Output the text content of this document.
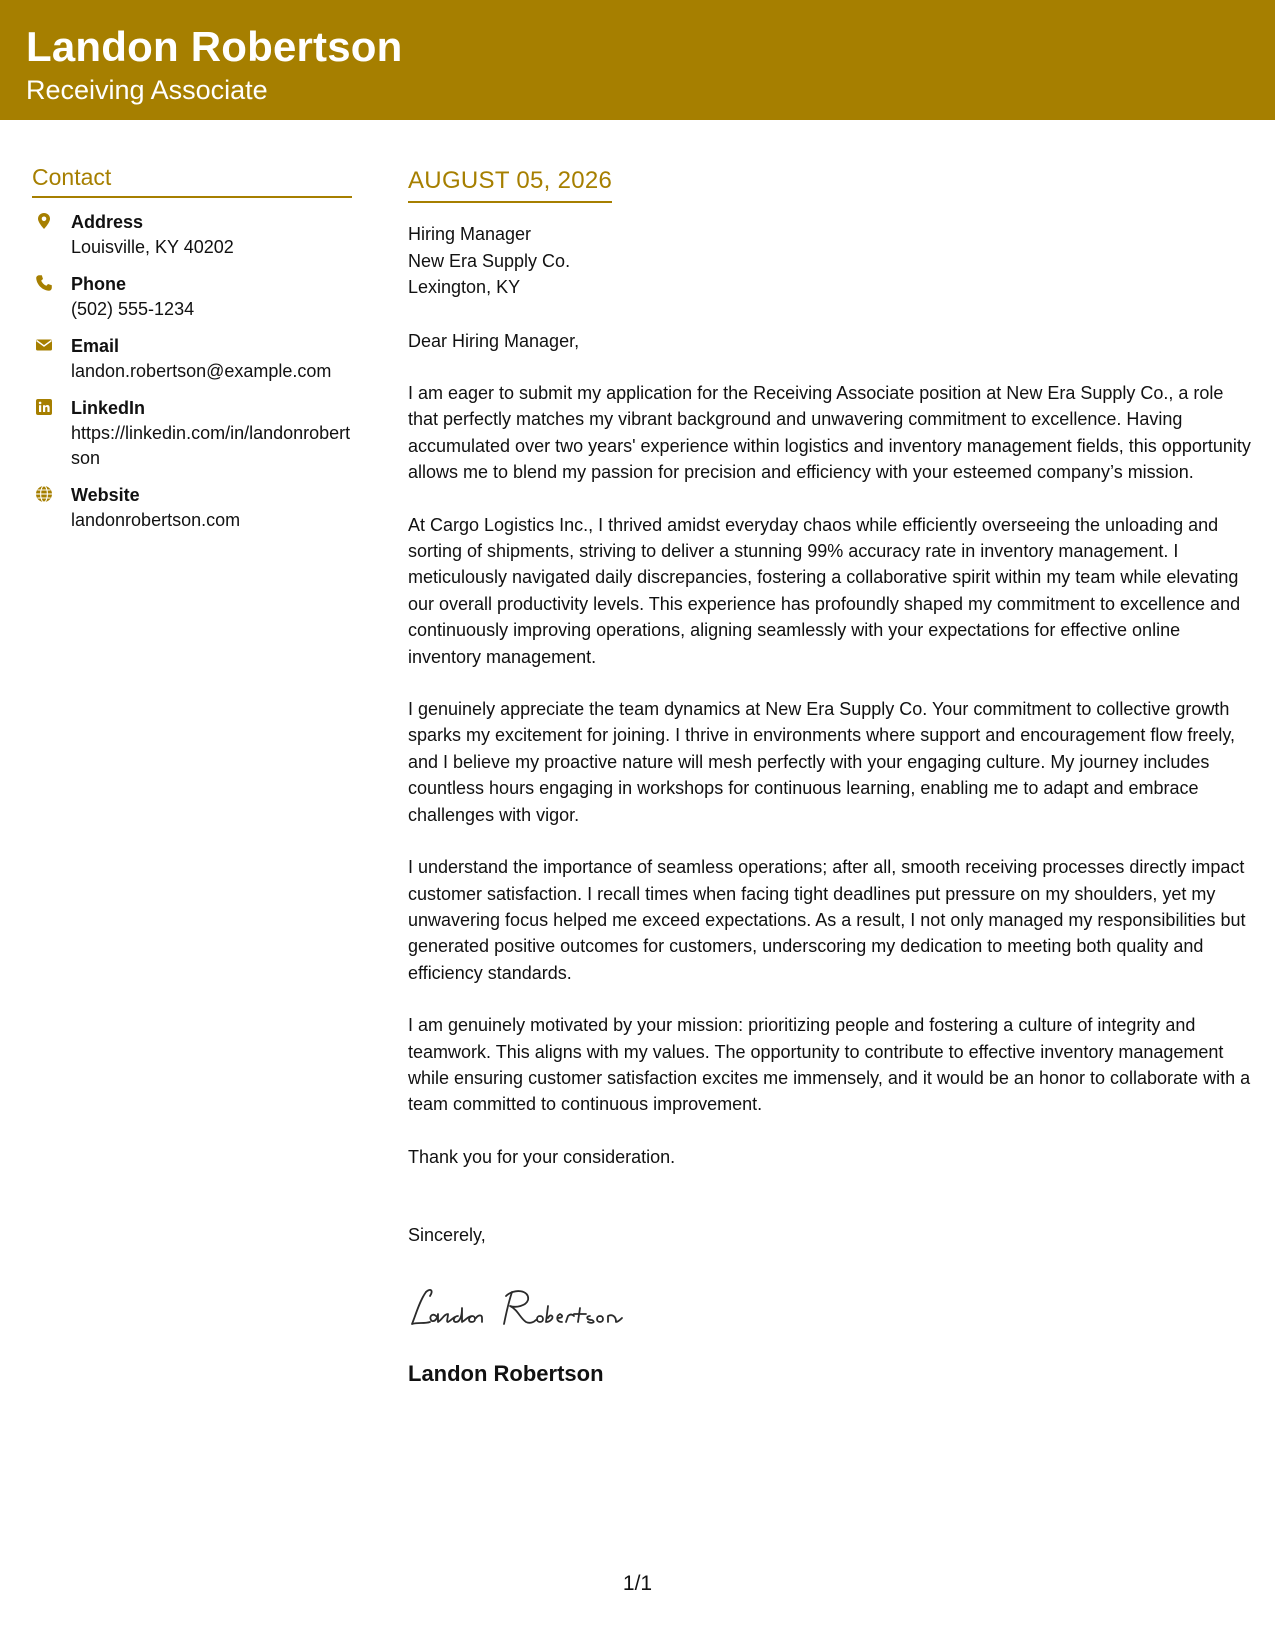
Landon Robertson
Receiving Associate
Contact
Address
Louisville, KY 40202
Phone
(502) 555-1234
Email
landon.robertson@example.com
LinkedIn
https://linkedin.com/in/landonrobertson
Website
landonrobertson.com
AUGUST 05, 2026
Hiring Manager
New Era Supply Co.
Lexington, KY
Dear Hiring Manager,
I am eager to submit my application for the Receiving Associate position at New Era Supply Co., a role that perfectly matches my vibrant background and unwavering commitment to excellence. Having accumulated over two years' experience within logistics and inventory management fields, this opportunity allows me to blend my passion for precision and efficiency with your esteemed company’s mission.
At Cargo Logistics Inc., I thrived amidst everyday chaos while efficiently overseeing the unloading and sorting of shipments, striving to deliver a stunning 99% accuracy rate in inventory management. I meticulously navigated daily discrepancies, fostering a collaborative spirit within my team while elevating our overall productivity levels. This experience has profoundly shaped my commitment to excellence and continuously improving operations, aligning seamlessly with your expectations for effective online inventory management.
I genuinely appreciate the team dynamics at New Era Supply Co. Your commitment to collective growth sparks my excitement for joining. I thrive in environments where support and encouragement flow freely, and I believe my proactive nature will mesh perfectly with your engaging culture. My journey includes countless hours engaging in workshops for continuous learning, enabling me to adapt and embrace challenges with vigor.
I understand the importance of seamless operations; after all, smooth receiving processes directly impact customer satisfaction. I recall times when facing tight deadlines put pressure on my shoulders, yet my unwavering focus helped me exceed expectations. As a result, I not only managed my responsibilities but generated positive outcomes for customers, underscoring my dedication to meeting both quality and efficiency standards.
I am genuinely motivated by your mission: prioritizing people and fostering a culture of integrity and teamwork. This aligns with my values. The opportunity to contribute to effective inventory management while ensuring customer satisfaction excites me immensely, and it would be an honor to collaborate with a team committed to continuous improvement.
Thank you for your consideration.
Sincerely,
Landon Robertson
1/1
